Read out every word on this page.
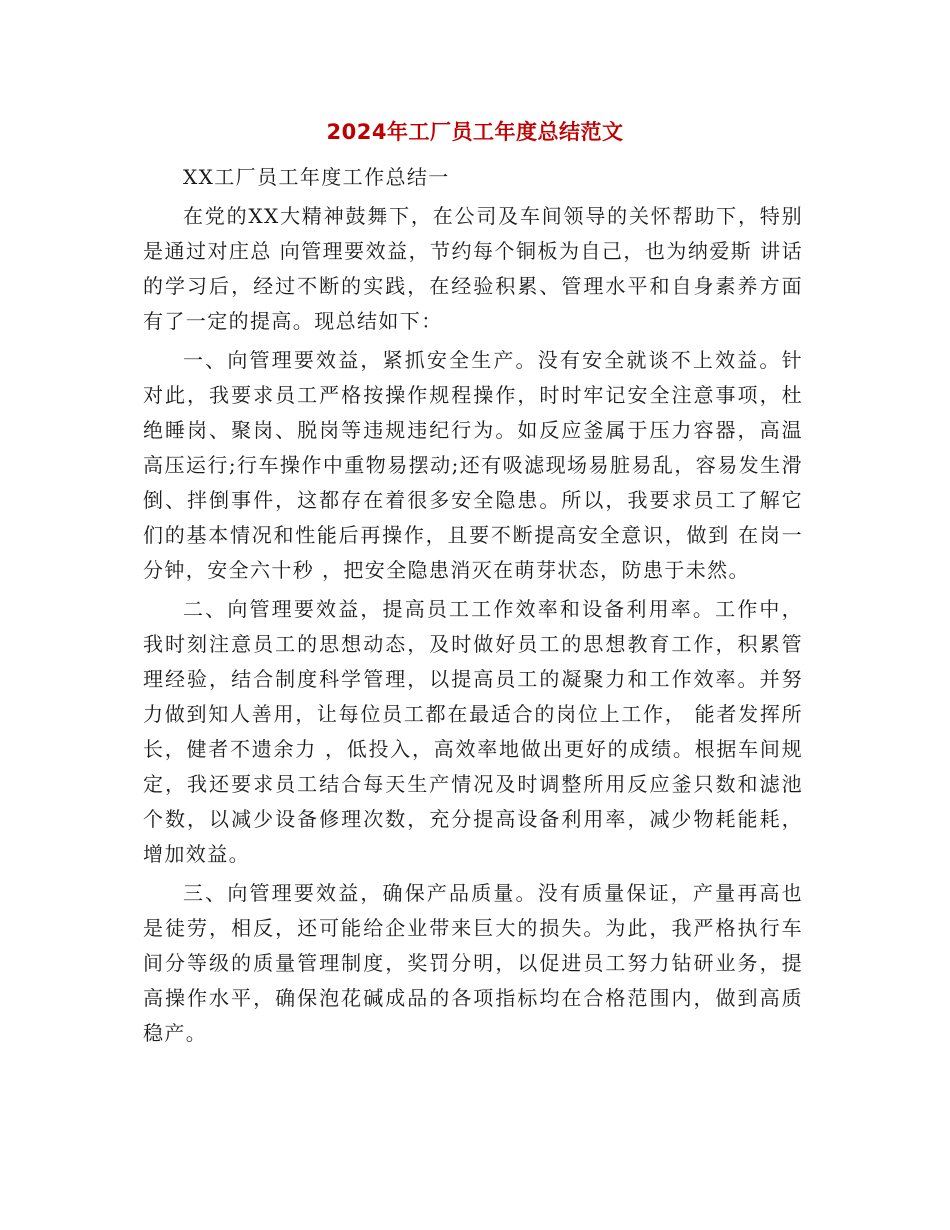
2024年工厂员工年度总结范文

XX工厂员工年度工作总结一

在党的XX大精神鼓舞下，在公司及车间领导的关怀帮助下，特别是通过对庄总 向管理要效益，节约每个铜板为自己，也为纳爱斯 讲话的学习后，经过不断的实践，在经验积累、管理水平和自身素养方面有了一定的提高。现总结如下：

一、向管理要效益，紧抓安全生产。没有安全就谈不上效益。针对此，我要求员工严格按操作规程操作，时时牢记安全注意事项，杜绝睡岗、聚岗、脱岗等违规违纪行为。如反应釜属于压力容器，高温高压运行;行车操作中重物易摆动;还有吸滤现场易脏易乱，容易发生滑倒、拌倒事件，这都存在着很多安全隐患。所以，我要求员工了解它们的基本情况和性能后再操作，且要不断提高安全意识，做到 在岗一分钟，安全六十秒 ，把安全隐患消灭在萌芽状态，防患于未然。

二、向管理要效益，提高员工工作效率和设备利用率。工作中，我时刻注意员工的思想动态，及时做好员工的思想教育工作，积累管理经验，结合制度科学管理，以提高员工的凝聚力和工作效率。并努力做到知人善用，让每位员工都在最适合的岗位上工作， 能者发挥所长，健者不遗余力 ，低投入，高效率地做出更好的成绩。根据车间规定，我还要求员工结合每天生产情况及时调整所用反应釜只数和滤池个数，以减少设备修理次数，充分提高设备利用率，减少物耗能耗，增加效益。

三、向管理要效益，确保产品质量。没有质量保证，产量再高也是徒劳，相反，还可能给企业带来巨大的损失。为此，我严格执行车间分等级的质量管理制度，奖罚分明，以促进员工努力钻研业务，提高操作水平，确保泡花碱成品的各项指标均在合格范围内，做到高质稳产。
